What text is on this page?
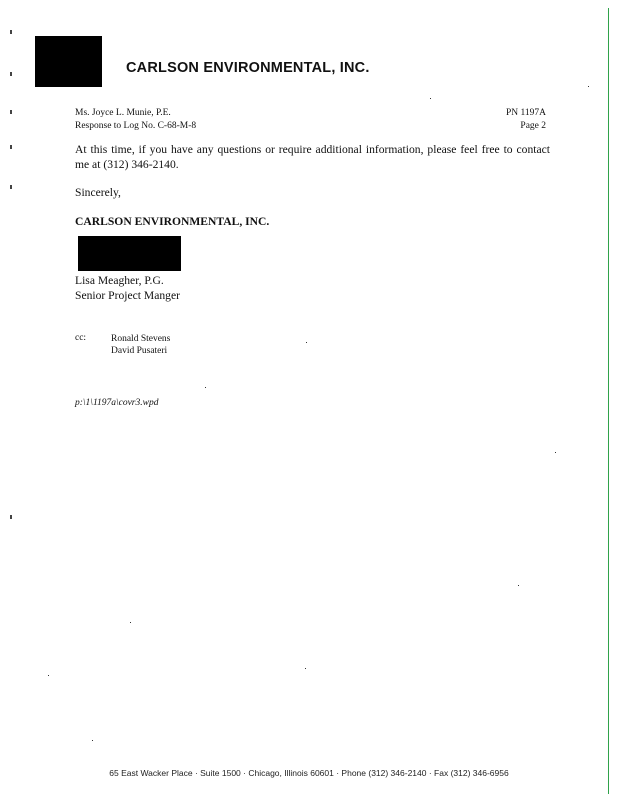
CARLSON ENVIRONMENTAL, INC.
Ms. Joyce L. Munie, P.E.
Response to Log No. C-68-M-8
PN 1197A
Page 2
At this time, if you have any questions or require additional information, please feel free to contact me at (312) 346-2140.
Sincerely,
CARLSON ENVIRONMENTAL, INC.
Lisa Meagher, P.G.
Senior Project Manger
cc:	Ronald Stevens
David Pusateri
p:\1\1197a\covr3.wpd
65 East Wacker Place · Suite 1500 · Chicago, Illinois 60601 · Phone (312) 346-2140 · Fax (312) 346-6956
